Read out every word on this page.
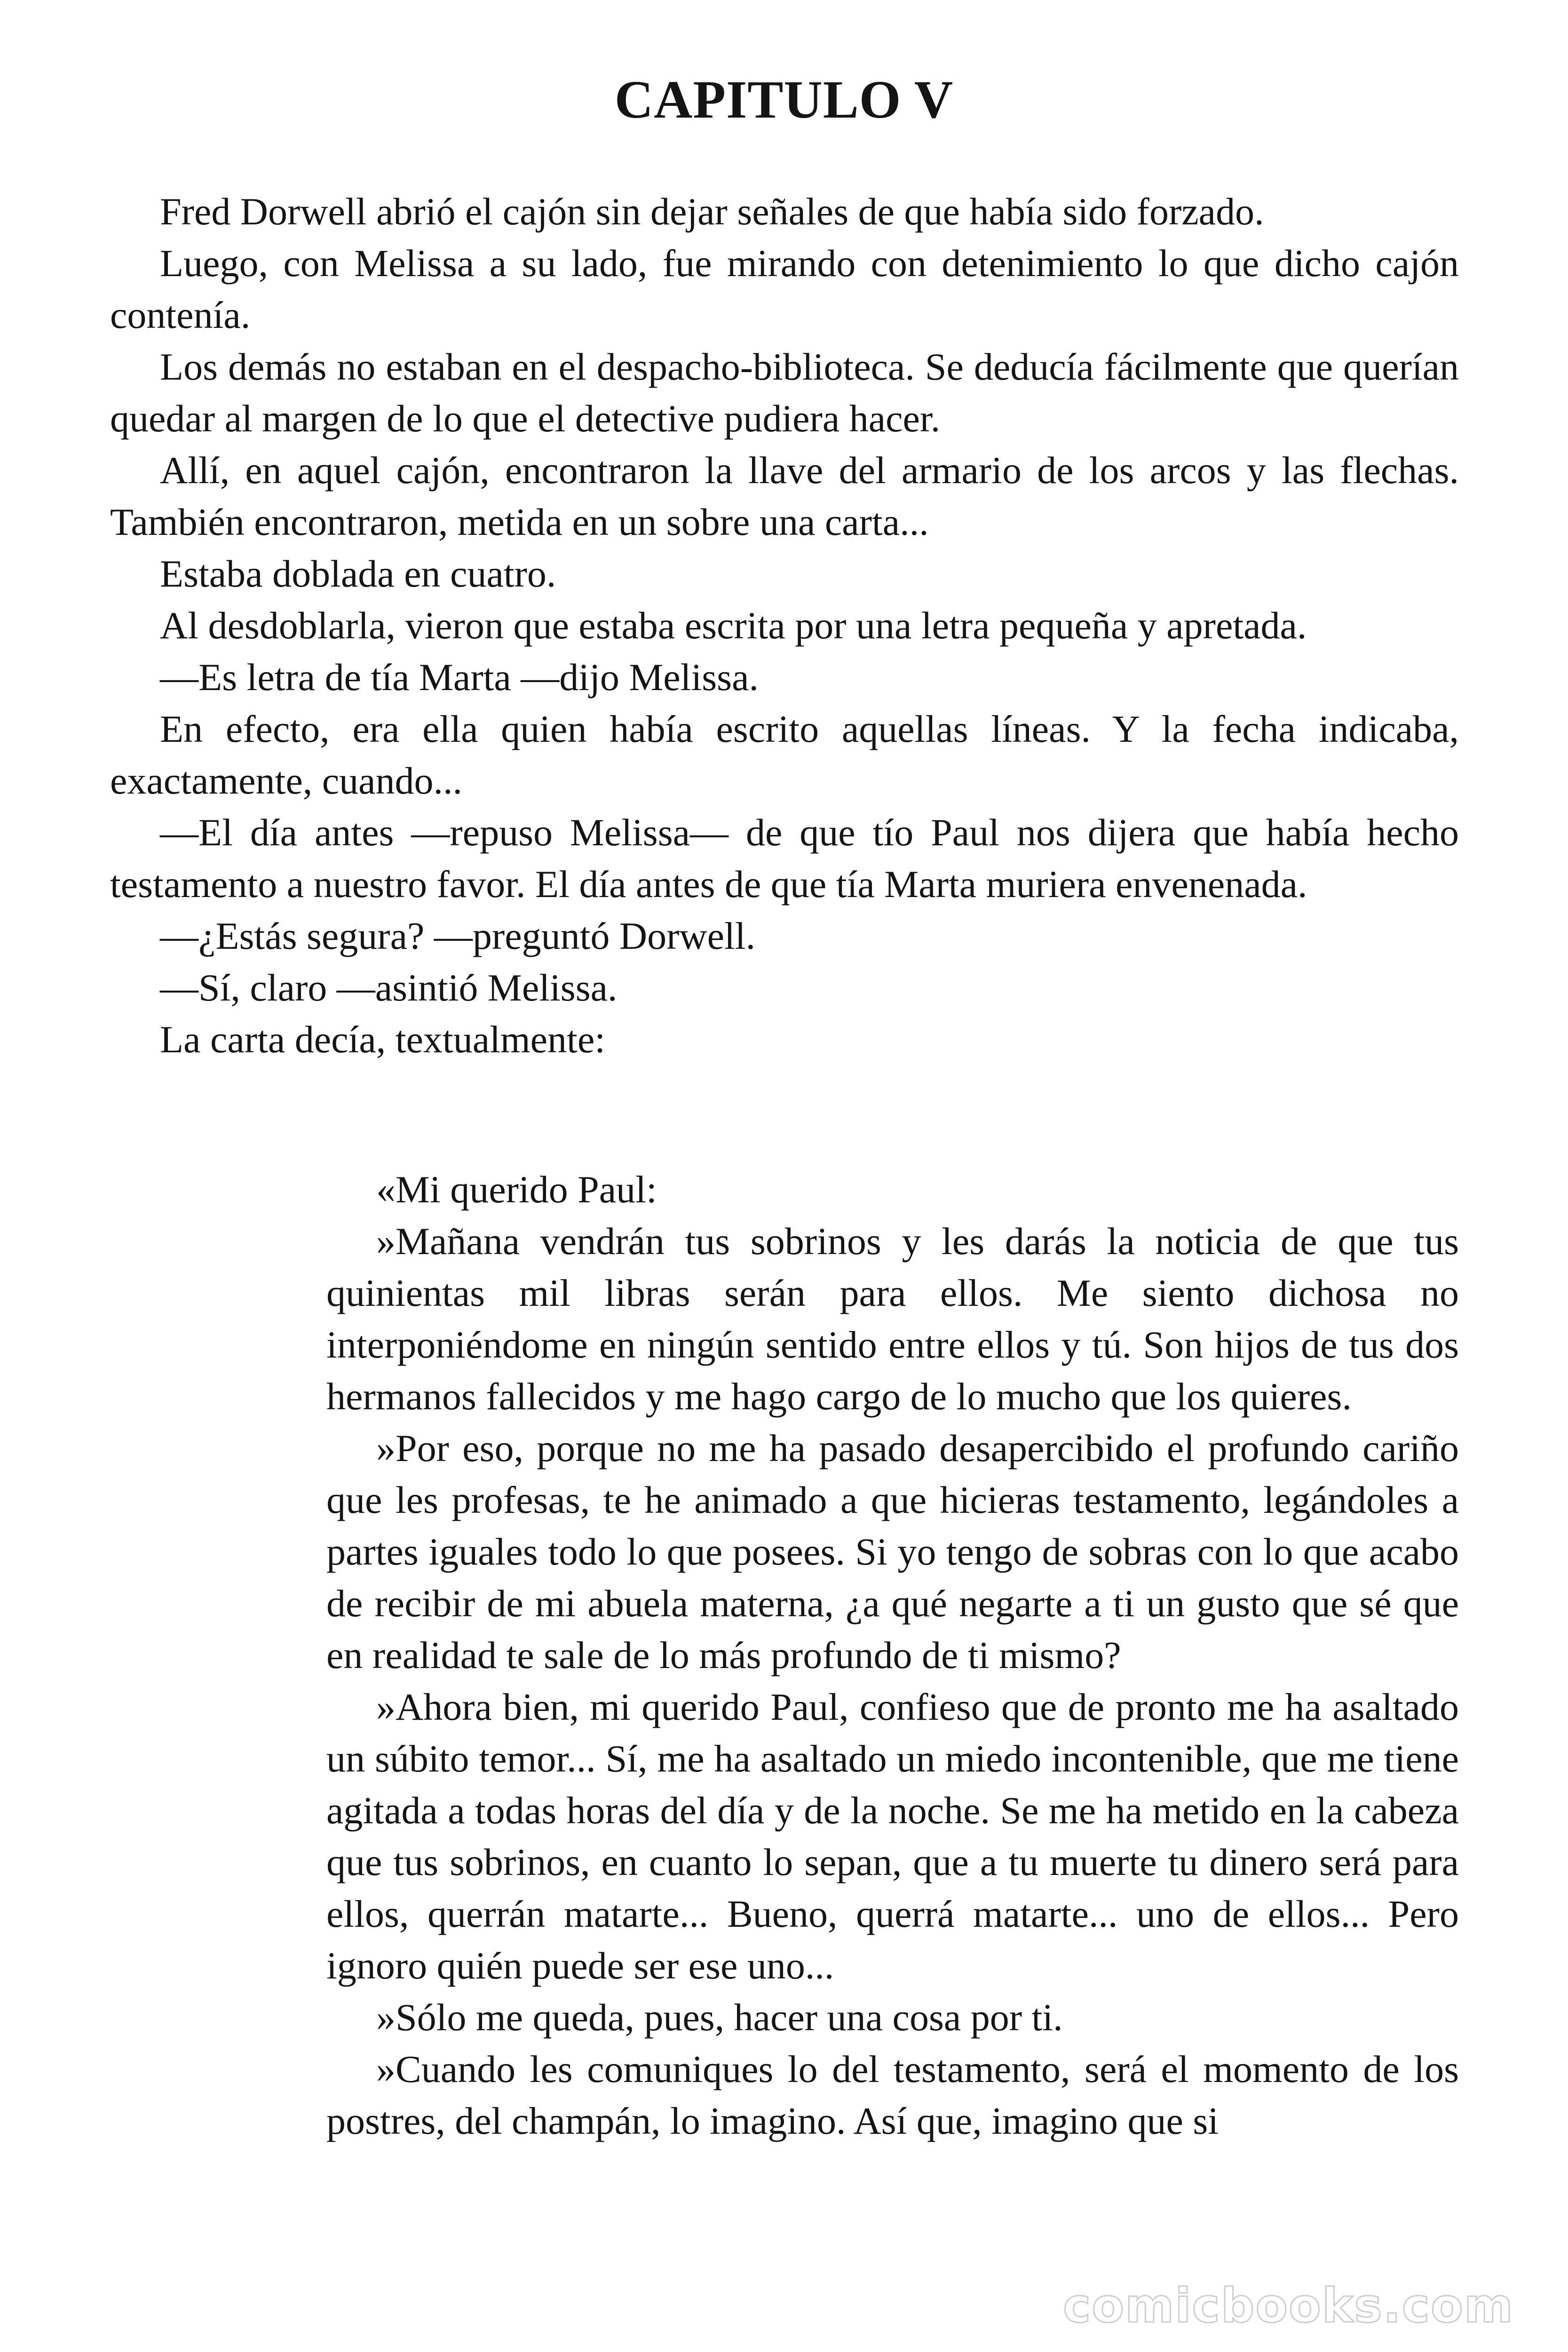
CAPITULO V

Fred Dorwell abrió el cajón sin dejar señales de que había sido forzado.

Luego, con Melissa a su lado, fue mirando con detenimiento lo que dicho cajón contenía.

Los demás no estaban en el despacho-biblioteca. Se deducía fácilmente que querían quedar al margen de lo que el detective pudiera hacer.

Allí, en aquel cajón, encontraron la llave del armario de los arcos y las flechas. También encontraron, metida en un sobre una carta...

Estaba doblada en cuatro.

Al desdoblarla, vieron que estaba escrita por una letra pequeña y apretada.

—Es letra de tía Marta —dijo Melissa.

En efecto, era ella quien había escrito aquellas líneas. Y la fecha indicaba, exactamente, cuando...

—El día antes —repuso Melissa— de que tío Paul nos dijera que había hecho testamento a nuestro favor. El día antes de que tía Marta muriera envenenada.

—¿Estás segura? —preguntó Dorwell.

—Sí, claro —asintió Melissa.

La carta decía, textualmente:

«Mi querido Paul:

»Mañana vendrán tus sobrinos y les darás la noticia de que tus quinientas mil libras serán para ellos. Me siento dichosa no interponiéndome en ningún sentido entre ellos y tú. Son hijos de tus dos hermanos fallecidos y me hago cargo de lo mucho que los quieres.

»Por eso, porque no me ha pasado desapercibido el profundo cariño que les profesas, te he animado a que hicieras testamento, legándoles a partes iguales todo lo que posees. Si yo tengo de sobras con lo que acabo de recibir de mi abuela materna, ¿a qué negarte a ti un gusto que sé que en realidad te sale de lo más profundo de ti mismo?

»Ahora bien, mi querido Paul, confieso que de pronto me ha asaltado un súbito temor... Sí, me ha asaltado un miedo incontenible, que me tiene agitada a todas horas del día y de la noche. Se me ha metido en la cabeza que tus sobrinos, en cuanto lo sepan, que a tu muerte tu dinero será para ellos, querrán matarte... Bueno, querrá matarte... uno de ellos... Pero ignoro quién puede ser ese uno...

»Sólo me queda, pues, hacer una cosa por ti.

»Cuando les comuniques lo del testamento, será el momento de los postres, del champán, lo imagino. Así que, imagino que si

comicbooks.com
